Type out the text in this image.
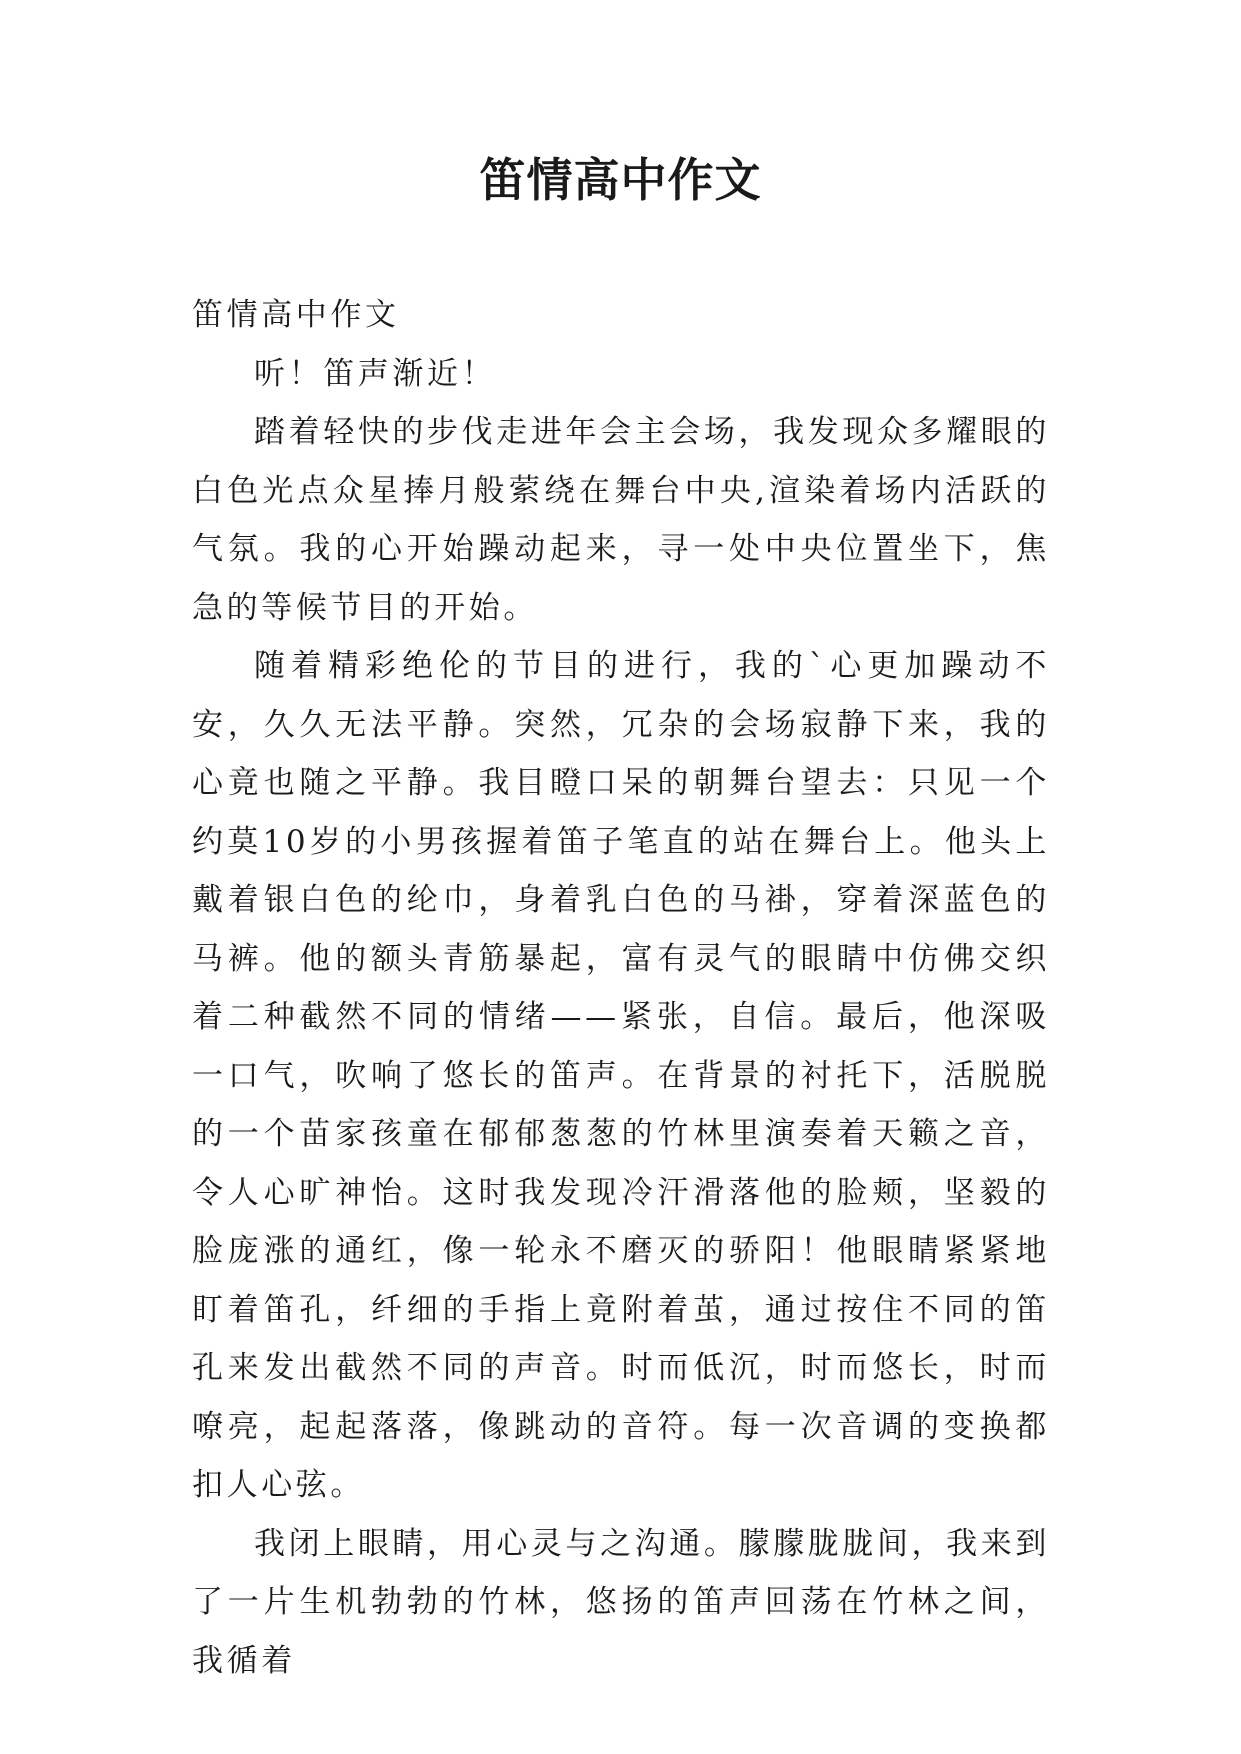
笛情高中作文

笛情高中作文

听！笛声渐近！

踏着轻快的步伐走进年会主会场，我发现众多耀眼的白色光点众星捧月般萦绕在舞台中央,渲染着场内活跃的气氛。我的心开始躁动起来，寻一处中央位置坐下，焦急的等候节目的开始。

随着精彩绝伦的节目的进行，我的`心更加躁动不安，久久无法平静。突然，冗杂的会场寂静下来，我的心竟也随之平静。我目瞪口呆的朝舞台望去：只见一个约莫10岁的小男孩握着笛子笔直的站在舞台上。他头上戴着银白色的纶巾，身着乳白色的马褂，穿着深蓝色的马裤。他的额头青筋暴起，富有灵气的眼睛中仿佛交织着二种截然不同的情绪——紧张，自信。最后，他深吸一口气，吹响了悠长的笛声。在背景的衬托下，活脱脱的一个苗家孩童在郁郁葱葱的竹林里演奏着天籁之音，令人心旷神怡。这时我发现冷汗滑落他的脸颊，坚毅的脸庞涨的通红，像一轮永不磨灭的骄阳！他眼睛紧紧地盯着笛孔，纤细的手指上竟附着茧，通过按住不同的笛孔来发出截然不同的声音。时而低沉，时而悠长，时而嘹亮，起起落落，像跳动的音符。每一次音调的变换都扣人心弦。

我闭上眼睛，用心灵与之沟通。朦朦胧胧间，我来到了一片生机勃勃的竹林，悠扬的笛声回荡在竹林之间，我循着
